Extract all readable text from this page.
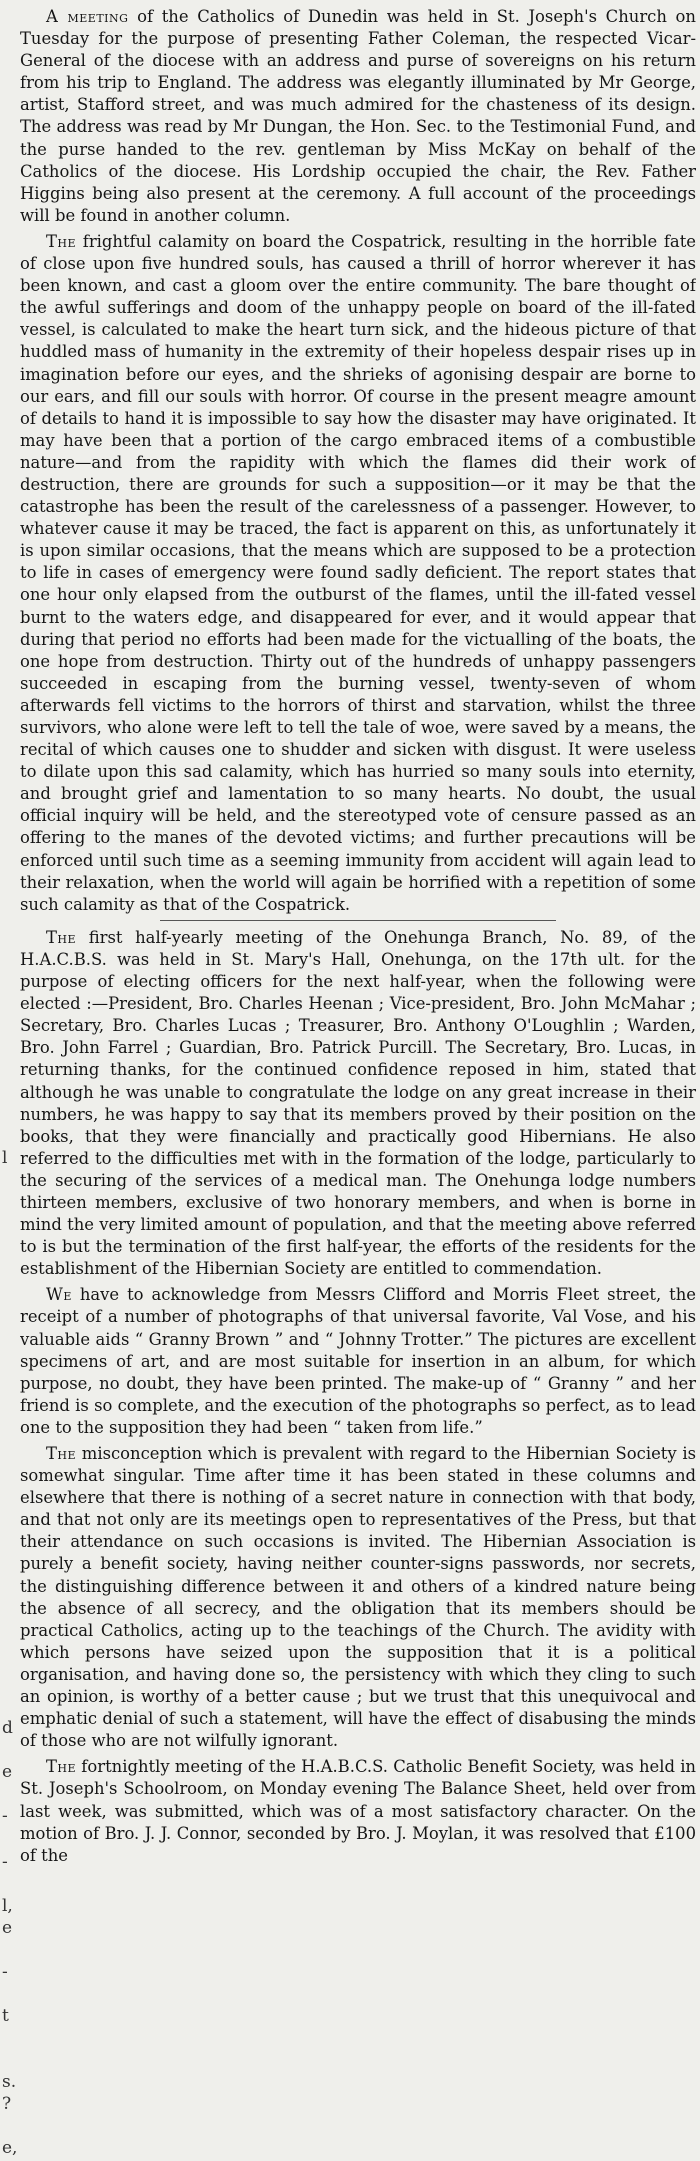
l
d
e
-
-
l,
e
-
t
s.
?
e,

A meeting of the Catholics of Dunedin was held in St. Joseph's Church on Tuesday for the purpose of presenting Father Coleman, the respected Vicar-General of the diocese with an address and purse of sovereigns on his return from his trip to England. The address was elegantly illuminated by Mr George, artist, Stafford street, and was much admired for the chasteness of its design. The address was read by Mr Dungan, the Hon. Sec. to the Testimonial Fund, and the purse handed to the rev. gentleman by Miss McKay on behalf of the Catholics of the diocese. His Lordship occupied the chair, the Rev. Father Higgins being also present at the ceremony. A full account of the proceedings will be found in another column.

The frightful calamity on board the Cospatrick, resulting in the horrible fate of close upon five hundred souls, has caused a thrill of horror wherever it has been known, and cast a gloom over the entire community. The bare thought of the awful sufferings and doom of the unhappy people on board of the ill-fated vessel, is calculated to make the heart turn sick, and the hideous picture of that huddled mass of humanity in the extremity of their hopeless despair rises up in imagination before our eyes, and the shrieks of agonising despair are borne to our ears, and fill our souls with horror. Of course in the present meagre amount of details to hand it is impossible to say how the disaster may have originated. It may have been that a portion of the cargo embraced items of a combustible nature—and from the rapidity with which the flames did their work of destruction, there are grounds for such a supposition—or it may be that the catastrophe has been the result of the carelessness of a passenger. However, to whatever cause it may be traced, the fact is apparent on this, as unfortunately it is upon similar occasions, that the means which are supposed to be a protection to life in cases of emergency were found sadly deficient. The report states that one hour only elapsed from the outburst of the flames, until the ill-fated vessel burnt to the waters edge, and disappeared for ever, and it would appear that during that period no efforts had been made for the victualling of the boats, the one hope from destruction. Thirty out of the hundreds of unhappy passengers succeeded in escaping from the burning vessel, twenty-seven of whom afterwards fell victims to the horrors of thirst and starvation, whilst the three survivors, who alone were left to tell the tale of woe, were saved by a means, the recital of which causes one to shudder and sicken with disgust. It were useless to dilate upon this sad calamity, which has hurried so many souls into eternity, and brought grief and lamentation to so many hearts. No doubt, the usual official inquiry will be held, and the stereotyped vote of censure passed as an offering to the manes of the devoted victims; and further precautions will be enforced until such time as a seeming immunity from accident will again lead to their relaxation, when the world will again be horrified with a repetition of some such calamity as that of the Cospatrick.

The first half-yearly meeting of the Onehunga Branch, No. 89, of the H.A.C.B.S. was held in St. Mary's Hall, Onehunga, on the 17th ult. for the purpose of electing officers for the next half-year, when the following were elected :—President, Bro. Charles Heenan ; Vice-president, Bro. John McMahar ; Secretary, Bro. Charles Lucas ; Treasurer, Bro. Anthony O'Loughlin ; Warden, Bro. John Farrel ; Guardian, Bro. Patrick Purcill. The Secretary, Bro. Lucas, in returning thanks, for the continued confidence reposed in him, stated that although he was unable to congratulate the lodge on any great increase in their numbers, he was happy to say that its members proved by their position on the books, that they were financially and practically good Hibernians. He also referred to the difficulties met with in the formation of the lodge, particularly to the securing of the services of a medical man. The Onehunga lodge numbers thirteen members, exclusive of two honorary members, and when is borne in mind the very limited amount of population, and that the meeting above referred to is but the termination of the first half-year, the efforts of the residents for the establishment of the Hibernian Society are entitled to commendation.

We have to acknowledge from Messrs Clifford and Morris Fleet street, the receipt of a number of photographs of that universal favorite, Val Vose, and his valuable aids “ Granny Brown ” and “ Johnny Trotter.” The pictures are excellent specimens of art, and are most suitable for insertion in an album, for which purpose, no doubt, they have been printed. The make-up of “ Granny ” and her friend is so complete, and the execution of the photographs so perfect, as to lead one to the supposition they had been “ taken from life.”

The misconception which is prevalent with regard to the Hibernian Society is somewhat singular. Time after time it has been stated in these columns and elsewhere that there is nothing of a secret nature in connection with that body, and that not only are its meetings open to representatives of the Press, but that their attendance on such occasions is invited. The Hibernian Association is purely a benefit society, having neither counter-signs passwords, nor secrets, the distinguishing difference between it and others of a kindred nature being the absence of all secrecy, and the obligation that its members should be practical Catholics, acting up to the teachings of the Church. The avidity with which persons have seized upon the supposition that it is a political organisation, and having done so, the persistency with which they cling to such an opinion, is worthy of a better cause ; but we trust that this unequivocal and emphatic denial of such a statement, will have the effect of disabusing the minds of those who are not wilfully ignorant.

The fortnightly meeting of the H.A.B.C.S. Catholic Benefit Society, was held in St. Joseph's Schoolroom, on Monday evening The Balance Sheet, held over from last week, was submitted, which was of a most satisfactory character. On the motion of Bro. J. J. Connor, seconded by Bro. J. Moylan, it was resolved that £100 of the
